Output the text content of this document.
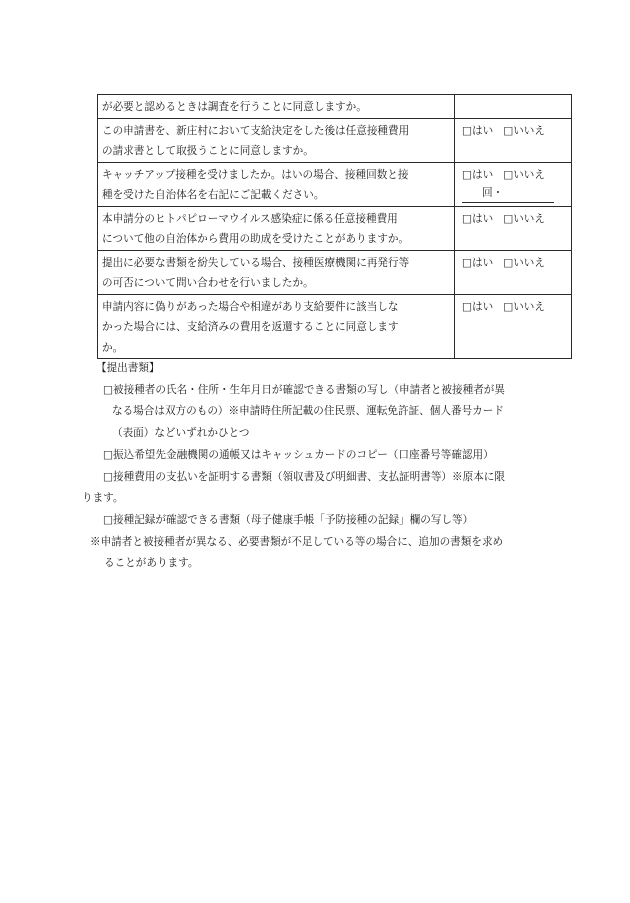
が必要と認めるときは調査を行うことに同意しますか。	

この申請書を、新庄村において支給決定をした後は任意接種費用
の請求書として取扱うことに同意しますか。	□はい □いいえ

キャッチアップ接種を受けましたか。はいの場合、接種回数と接
種を受けた自治体名を右記にご記載ください。	□はい □いいえ
回・

本申請分のヒトパピローマウイルス感染症に係る任意接種費用
について他の自治体から費用の助成を受けたことがありますか。	□はい □いいえ

提出に必要な書類を紛失している場合、接種医療機関に再発行等
の可否について問い合わせを行いましたか。	□はい □いいえ

申請内容に偽りがあった場合や相違があり支給要件に該当しな
かった場合には、支給済みの費用を返還することに同意します
か。	□はい □いいえ
【提出書類】
□被接種者の氏名・住所・生年月日が確認できる書類の写し（申請者と被接種者が異
なる場合は双方のもの）※申請時住所記載の住民票、運転免許証、個人番号カード
（表面）などいずれかひとつ
□振込希望先金融機関の通帳又はキャッシュカードのコピー（口座番号等確認用）
□接種費用の支払いを証明する書類（領収書及び明細書、支払証明書等）※原本に限
ります。
□接種記録が確認できる書類（母子健康手帳「予防接種の記録」欄の写し等）
※申請者と被接種者が異なる、必要書類が不足している等の場合に、追加の書類を求め
ることがあります。
